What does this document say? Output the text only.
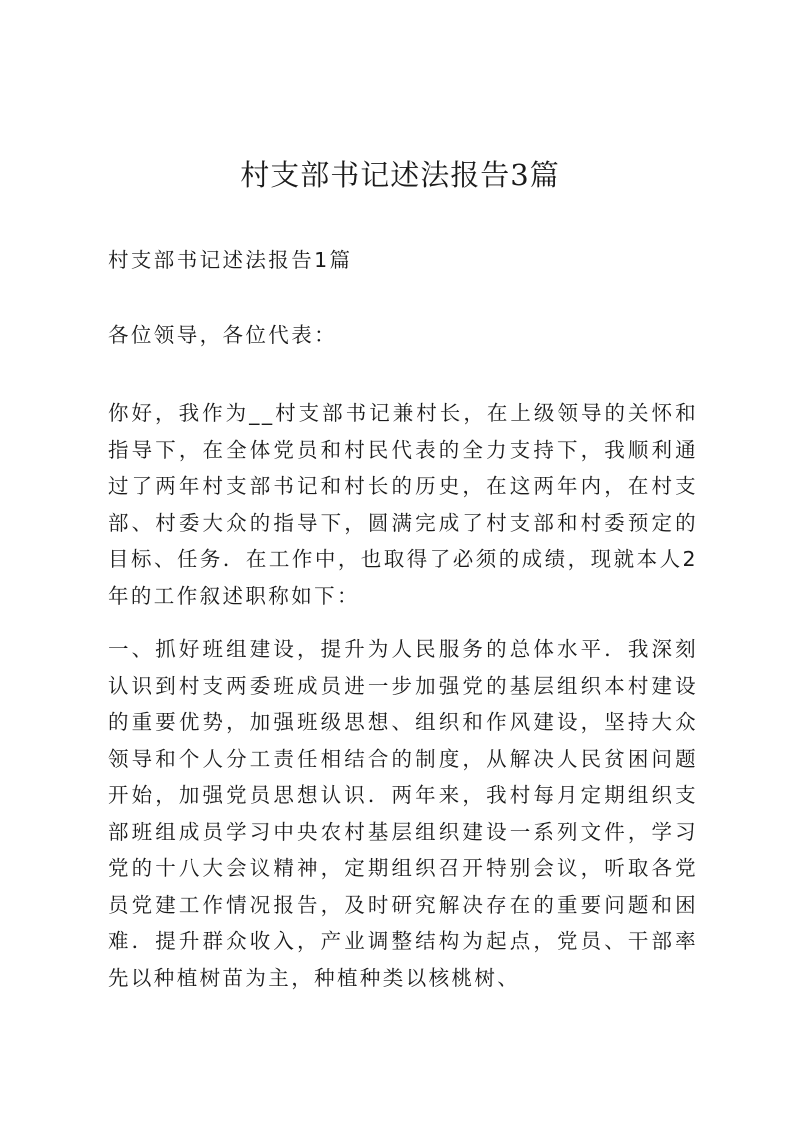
村支部书记述法报告3篇

村支部书记述法报告1篇

各位领导，各位代表：

你好，我作为__村支部书记兼村长，在上级领导的关怀和指导下，在全体党员和村民代表的全力支持下，我顺利通过了两年村支部书记和村长的历史，在这两年内，在村支部、村委大众的指导下，圆满完成了村支部和村委预定的目标、任务．在工作中，也取得了必须的成绩，现就本人2年的工作叙述职称如下：

一、抓好班组建设，提升为人民服务的总体水平．我深刻认识到村支两委班成员进一步加强党的基层组织本村建设的重要优势，加强班级思想、组织和作风建设，坚持大众领导和个人分工责任相结合的制度，从解决人民贫困问题开始，加强党员思想认识．两年来，我村每月定期组织支部班组成员学习中央农村基层组织建设一系列文件，学习党的十八大会议精神，定期组织召开特别会议，听取各党员党建工作情况报告，及时研究解决存在的重要问题和困难．提升群众收入，产业调整结构为起点，党员、干部率先以种植树苗为主，种植种类以核桃树、
